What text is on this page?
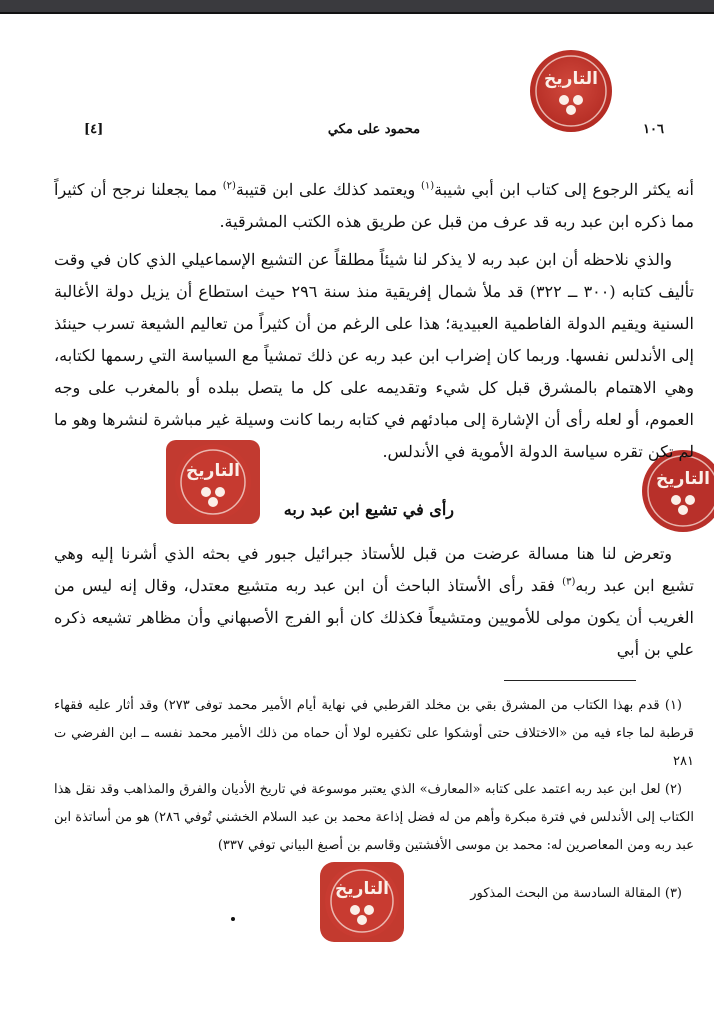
التاريخ
التاريخ
التاريخ
التاريخ
١٠٦
محمود على مكي
[٤]

أنه يكثر الرجوع إلى كتاب ابن أبي شيبة$^{(١)}$ ويعتمد كذلك على ابن قتيبة$^{(٢)}$ مما يجعلنا نرجح أن كثيراً مما ذكره ابن عبد ربه قد عرف من قبل عن طريق هذه الكتب المشرقية.

والذي نلاحظه أن ابن عبد ربه لا يذكر لنا شيئاً مطلقاً عن التشيع الإسماعيلي الذي كان في وقت تأليف كتابه (٣٠٠ ــ ٣٢٢) قد ملأ شمال إفريقية منذ سنة ٢٩٦ حيث استطاع أن يزيل دولة الأغالبة السنية ويقيم الدولة الفاطمية العبيدية؛ هذا على الرغم من أن كثيراً من تعاليم الشيعة تسرب حينئذ إلى الأندلس نفسها. وربما كان إضراب ابن عبد ربه عن ذلك تمشياً مع السياسة التي رسمها لكتابه، وهي الاهتمام بالمشرق قبل كل شيء وتقديمه على كل ما يتصل ببلده أو بالمغرب على وجه العموم، أو لعله رأى أن الإشارة إلى مبادئهم في كتابه ربما كانت وسيلة غير مباشرة لنشرها وهو ما لم تكن تقره سياسة الدولة الأموية في الأندلس.

رأى في تشيع ابن عبد ربه

وتعرض لنا هنا مسالة عرضت من قبل للأستاذ جبرائيل جبور في بحثه الذي أشرنا إليه وهي تشيع ابن عبد ربه$^{(٣)}$ فقد رأى الأستاذ الباحث أن ابن عبد ربه متشيع معتدل، وقال إنه ليس من الغريب أن يكون مولى للأمويين ومتشيعاً فكذلك كان أبو الفرج الأصبهاني وأن مظاهر تشيعه ذكره علي بن أبي

(١) قدم بهذا الكتاب من المشرق بقي بن مخلد القرطبي في نهاية أيام الأمير محمد توفى ٢٧٣) وقد أثار عليه فقهاء قرطبة لما جاء فيه من «الاختلاف حتى أوشكوا على تكفيره لولا أن حماه من ذلك الأمير محمد نفسه ــ ابن الفرضي ت ٢٨١

(٢) لعل ابن عبد ربه اعتمد على كتابه «المعارف» الذي يعتبر موسوعة في تاريخ الأديان والفرق والمذاهب وقد نقل هذا الكتاب إلى الأندلس في فترة مبكرة وأهم من له فضل إذاعة محمد بن عبد السلام الخشني تُوفي ٢٨٦) هو من أساتذة ابن عبد ربه ومن المعاصرين له: محمد بن موسى الأفشتين وقاسم بن أصبغ البياني توفي ٣٣٧)

(٣) المقالة السادسة من البحث المذكور
